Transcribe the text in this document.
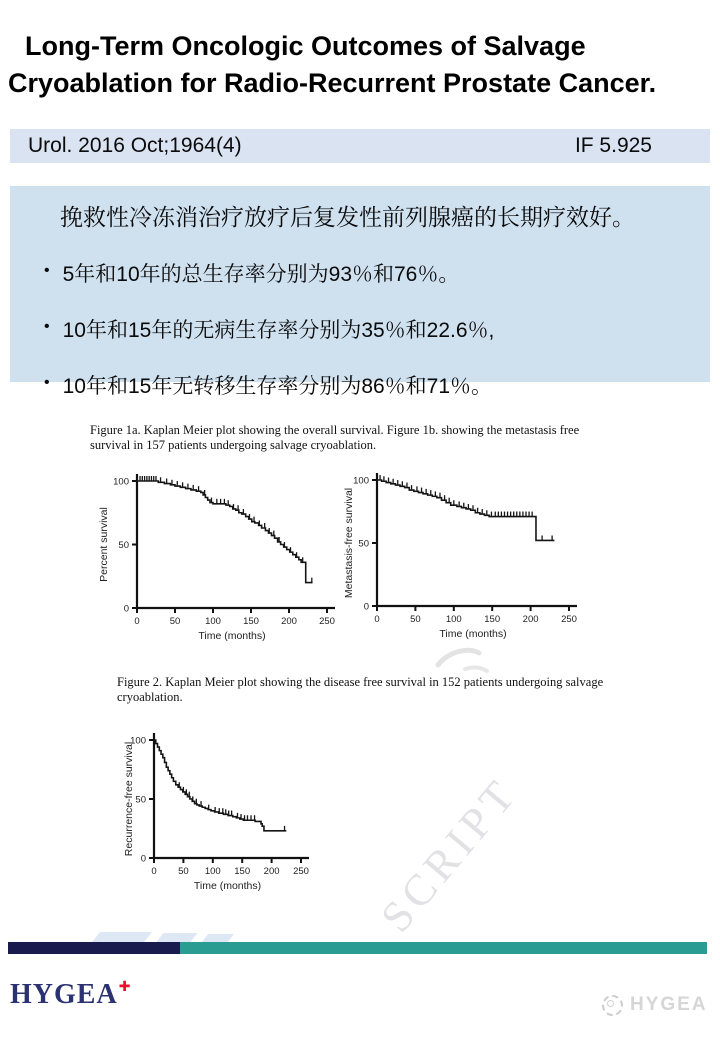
SCRIPT
Long-Term Oncologic Outcomes of Salvage
Cryoablation for Radio-Recurrent Prostate Cancer.
Urol. 2016 Oct;1964(4)	IF 5.925
挽救性冷冻消治疗放疗后复发性前列腺癌的长期疗效好。
• 5年和10年的总生存率分别为93％和76％。
• 10年和15年的无病生存率分别为35％和22.6％,
• 10年和15年无转移生存率分别为86％和71％。
Figure 1a. Kaplan Meier plot showing the overall survival. Figure 1b. showing the metastasis free survival in 157 patients undergoing salvage cryoablation.
0	50	100 150 200 250
0
50
100
Time (months)
Percent survival
0	50	100 150 200 250
0
50
100
Time (months)
Metastasis-free survival
Figure 2. Kaplan Meier plot showing the disease free survival in 152 patients undergoing salvage cryoablation.
0 50 100 150 200 250
0
50
100
Time (months)
Recurrence-free survival
HYGEA✚
HYGEA
